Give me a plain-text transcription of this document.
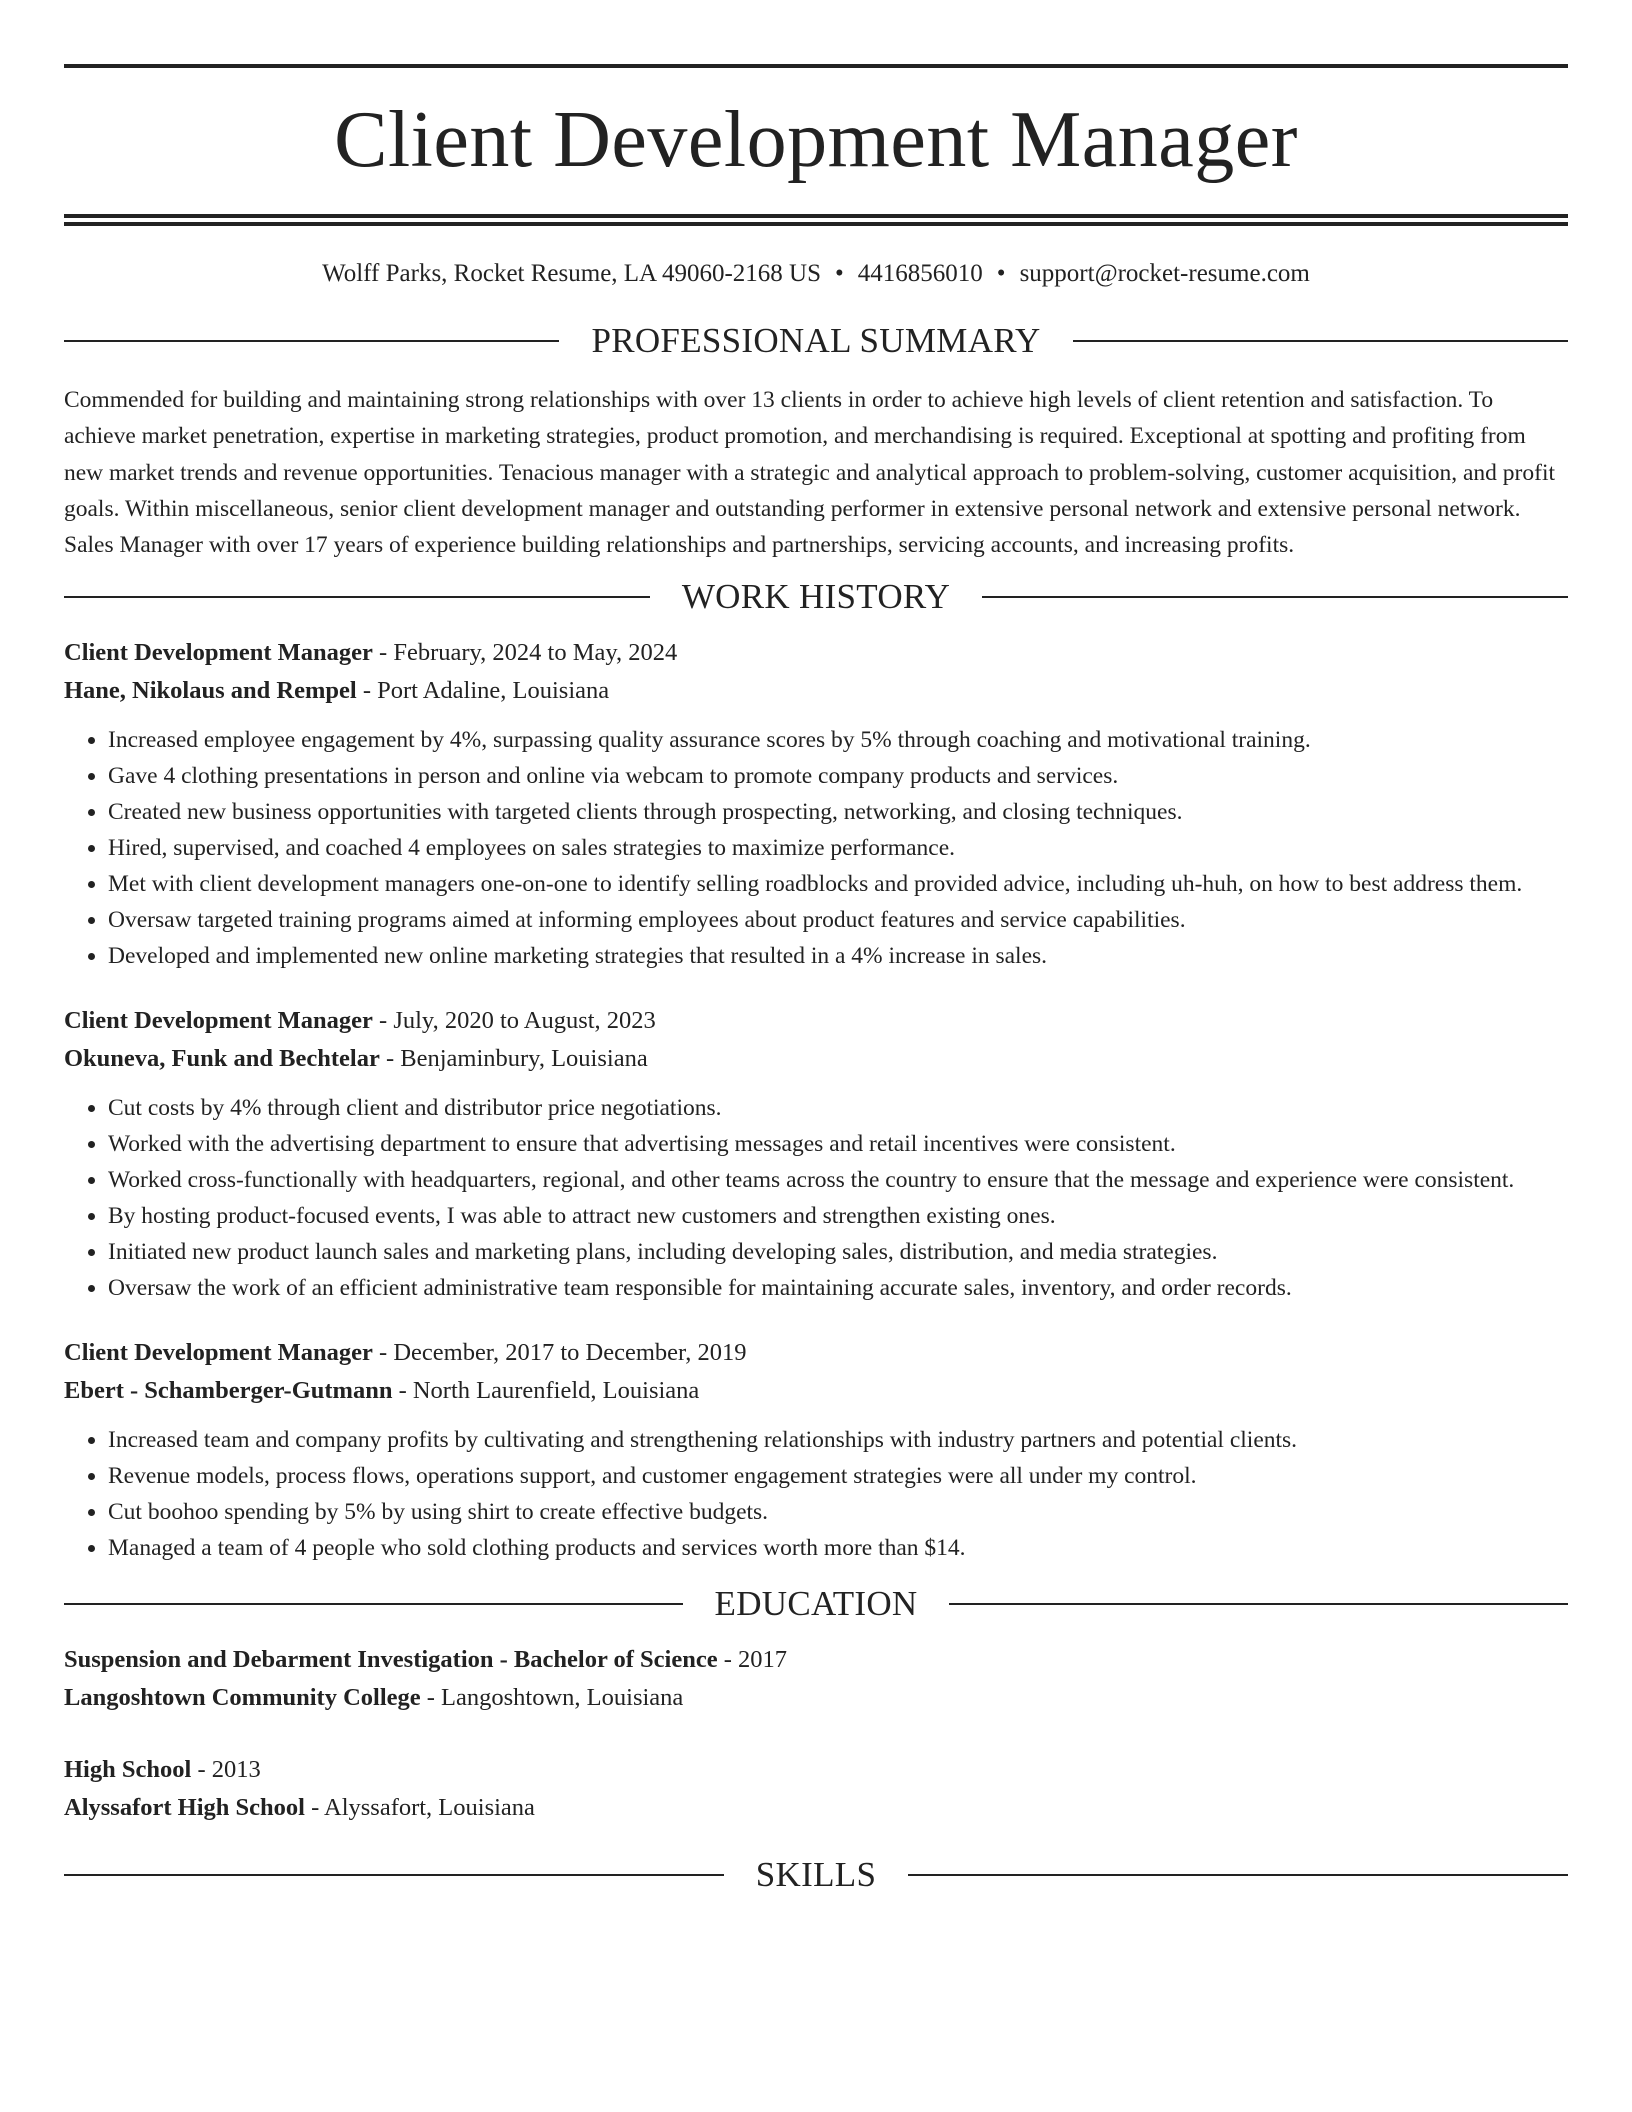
Client Development Manager
Wolff Parks, Rocket Resume, LA 49060-2168 US • 4416856010 • support@rocket-resume.com
PROFESSIONAL SUMMARY

Commended for building and maintaining strong relationships with over 13 clients in order to achieve high levels of client retention and satisfaction. To achieve market penetration, expertise in marketing strategies, product promotion, and merchandising is required. Exceptional at spotting and profiting from new market trends and revenue opportunities. Tenacious manager with a strategic and analytical approach to problem-solving, customer acquisition, and profit goals. Within miscellaneous, senior client development manager and outstanding performer in extensive personal network and extensive personal network. Sales Manager with over 17 years of experience building relationships and partnerships, servicing accounts, and increasing profits.

WORK HISTORY
Client Development Manager - February, 2024 to May, 2024
Hane, Nikolaus and Rempel - Port Adaline, Louisiana
• Increased employee engagement by 4%, surpassing quality assurance scores by 5% through coaching and motivational training.
• Gave 4 clothing presentations in person and online via webcam to promote company products and services.
• Created new business opportunities with targeted clients through prospecting, networking, and closing techniques.
• Hired, supervised, and coached 4 employees on sales strategies to maximize performance.
• Met with client development managers one-on-one to identify selling roadblocks and provided advice, including uh-huh, on how to best address them.
• Oversaw targeted training programs aimed at informing employees about product features and service capabilities.
• Developed and implemented new online marketing strategies that resulted in a 4% increase in sales.
Client Development Manager - July, 2020 to August, 2023
Okuneva, Funk and Bechtelar - Benjaminbury, Louisiana
• Cut costs by 4% through client and distributor price negotiations.
• Worked with the advertising department to ensure that advertising messages and retail incentives were consistent.
• Worked cross-functionally with headquarters, regional, and other teams across the country to ensure that the message and experience were consistent.
• By hosting product-focused events, I was able to attract new customers and strengthen existing ones.
• Initiated new product launch sales and marketing plans, including developing sales, distribution, and media strategies.
• Oversaw the work of an efficient administrative team responsible for maintaining accurate sales, inventory, and order records.
Client Development Manager - December, 2017 to December, 2019
Ebert - Schamberger-Gutmann - North Laurenfield, Louisiana
• Increased team and company profits by cultivating and strengthening relationships with industry partners and potential clients.
• Revenue models, process flows, operations support, and customer engagement strategies were all under my control.
• Cut boohoo spending by 5% by using shirt to create effective budgets.
• Managed a team of 4 people who sold clothing products and services worth more than $14.
EDUCATION
Suspension and Debarment Investigation - Bachelor of Science - 2017
Langoshtown Community College - Langoshtown, Louisiana
High School - 2013
Alyssafort High School - Alyssafort, Louisiana
SKILLS
